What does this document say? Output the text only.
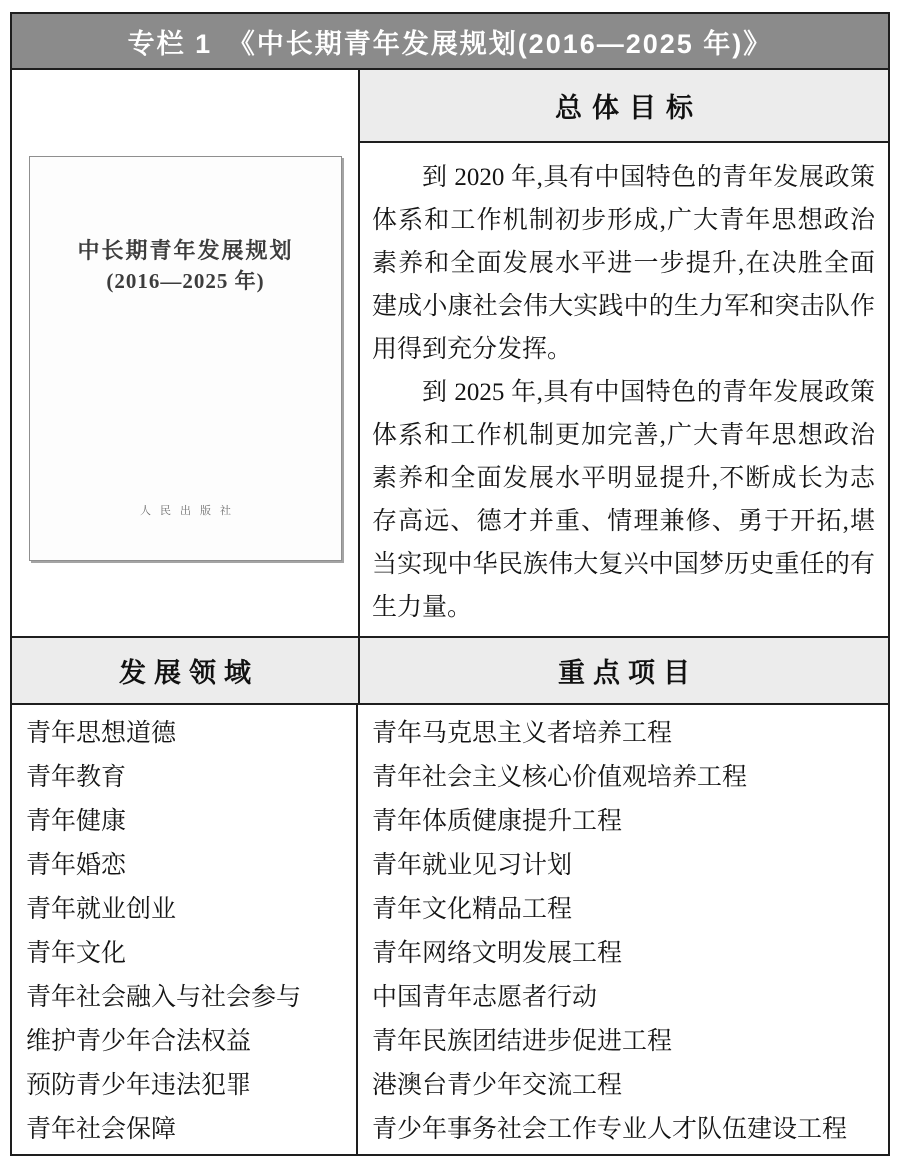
专栏 1　《中长期青年发展规划(2016—2025 年)》
中长期青年发展规划
(2016—2025 年)
人民出版社
总体目标

到 2020 年,具有中国特色的青年发展政策体系和工作机制初步形成,广大青年思想政治素养和全面发展水平进一步提升,在决胜全面建成小康社会伟大实践中的生力军和突击队作用得到充分发挥。

到 2025 年,具有中国特色的青年发展政策体系和工作机制更加完善,广大青年思想政治素养和全面发展水平明显提升,不断成长为志存高远、德才并重、情理兼修、勇于开拓,堪当实现中华民族伟大复兴中国梦历史重任的有生力量。

发展领域	重点项目
青年思想道德
青年教育
青年健康
青年婚恋
青年就业创业
青年文化
青年社会融入与社会参与
维护青少年合法权益
预防青少年违法犯罪
青年社会保障
青年马克思主义者培养工程
青年社会主义核心价值观培养工程
青年体质健康提升工程
青年就业见习计划
青年文化精品工程
青年网络文明发展工程
中国青年志愿者行动
青年民族团结进步促进工程
港澳台青少年交流工程
青少年事务社会工作专业人才队伍建设工程
